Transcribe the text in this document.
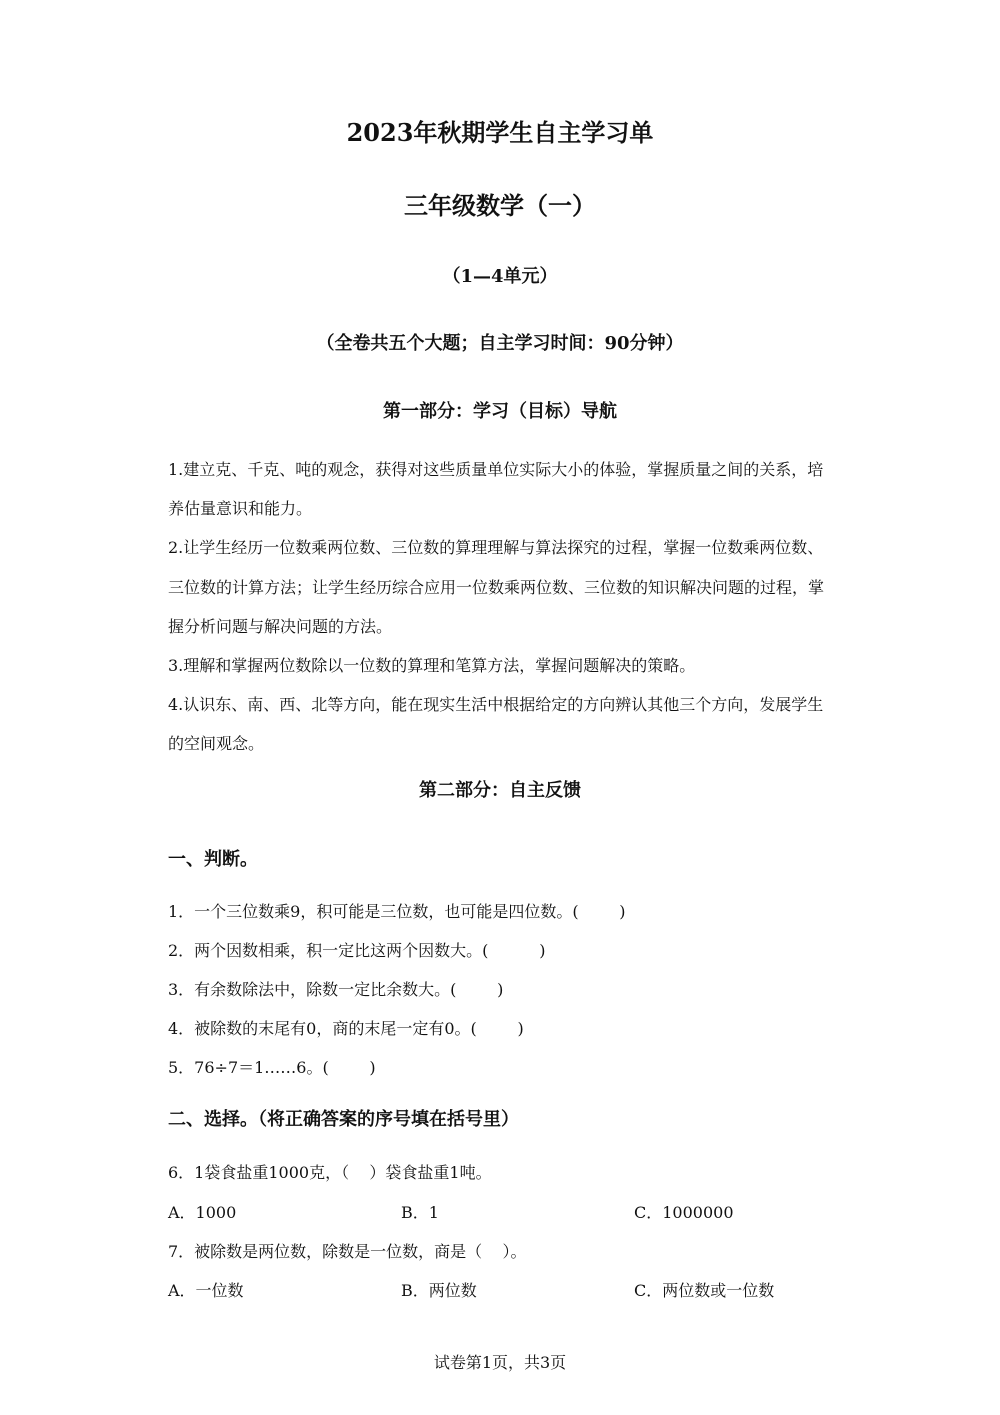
2023年秋期学生自主学习单
三年级数学（一）
（1—4单元）
（全卷共五个大题；自主学习时间：90分钟）
第一部分：学习（目标）导航

1.建立克、千克、吨的观念，获得对这些质量单位实际大小的体验，掌握质量之间的关系，培养估量意识和能力。

2.让学生经历一位数乘两位数、三位数的算理理解与算法探究的过程，掌握一位数乘两位数、三位数的计算方法；让学生经历综合应用一位数乘两位数、三位数的知识解决问题的过程，掌握分析问题与解决问题的方法。

3.理解和掌握两位数除以一位数的算理和笔算方法，掌握问题解决的策略。

4.认识东、南、西、北等方向，能在现实生活中根据给定的方向辨认其他三个方向，发展学生的空间观念。

第二部分：自主反馈
一、判断。
1．一个三位数乘9，积可能是三位数，也可能是四位数。(        )
2．两个因数相乘，积一定比这两个因数大。(          )
3．有余数除法中，除数一定比余数大。(        )
4．被除数的末尾有0，商的末尾一定有0。(        )
5．76÷7＝1……6。(        )
二、选择。（将正确答案的序号填在括号里）
6．1袋食盐重1000克，（    ）袋食盐重1吨。
A．1000	B．1	C．1000000
7．被除数是两位数，除数是一位数，商是（    ）。
A．一位数	B．两位数	C．两位数或一位数
试卷第1页，共3页
